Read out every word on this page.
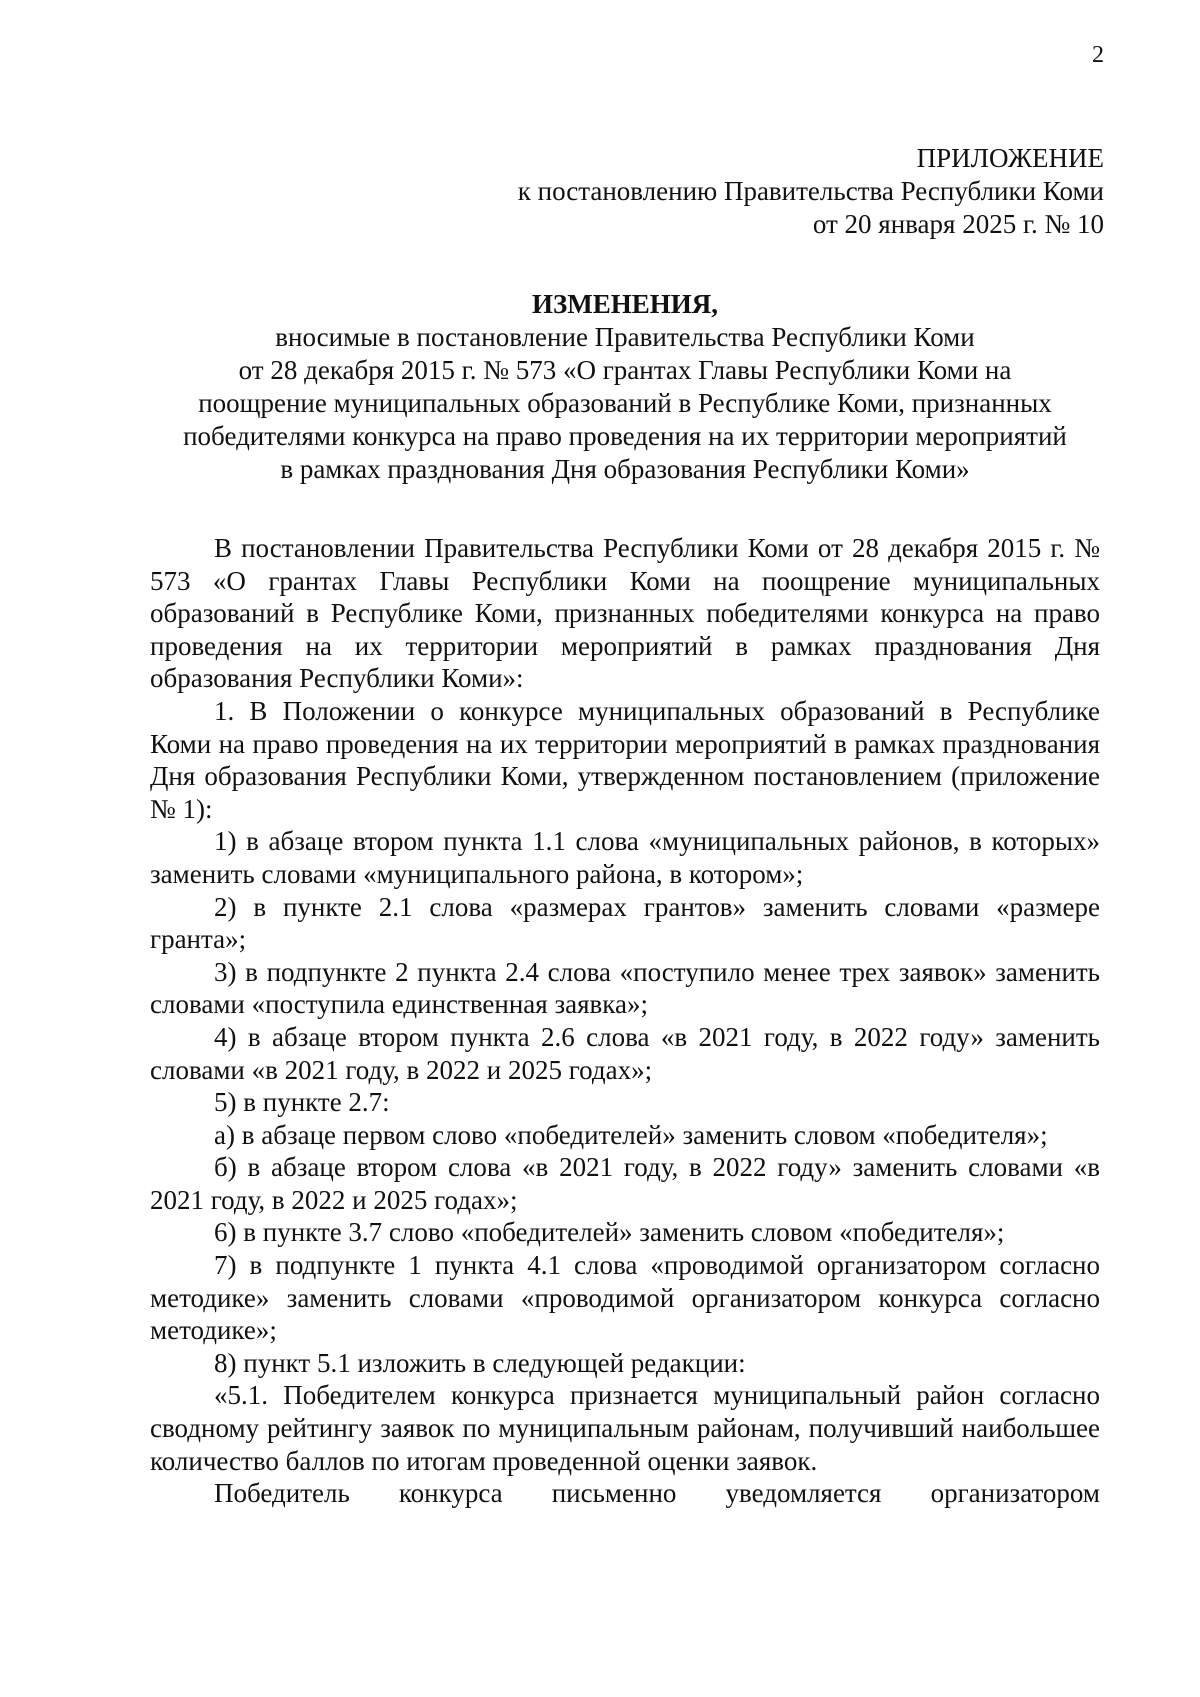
2
ПРИЛОЖЕНИЕ
к постановлению Правительства Республики Коми
от 20 января 2025 г. № 10
ИЗМЕНЕНИЯ,
вносимые в постановление Правительства Республики Коми
от 28 декабря 2015 г. № 573 «О грантах Главы Республики Коми на
поощрение муниципальных образований в Республике Коми, признанных
победителями конкурса на право проведения на их территории мероприятий
в рамках празднования Дня образования Республики Коми»

В постановлении Правительства Республики Коми от 28 декабря 2015 г. № 573 «О грантах Главы Республики Коми на поощрение муниципальных образований в Республике Коми, признанных победителями конкурса на право проведения на их территории мероприятий в рамках празднования Дня образования Республики Коми»:

1. В Положении о конкурсе муниципальных образований в Республике Коми на право проведения на их территории мероприятий в рамках празднования Дня образования Республики Коми, утвержденном постановлением (приложение № 1):

1) в абзаце втором пункта 1.1 слова «муниципальных районов, в которых» заменить словами «муниципального района, в котором»;

2) в пункте 2.1 слова «размерах грантов» заменить словами «размере гранта»;

3) в подпункте 2 пункта 2.4 слова «поступило менее трех заявок» заменить словами «поступила единственная заявка»;

4) в абзаце втором пункта 2.6 слова «в 2021 году, в 2022 году» заменить словами «в 2021 году, в 2022 и 2025 годах»;

5) в пункте 2.7:

а) в абзаце первом слово «победителей» заменить словом «победителя»;

б) в абзаце втором слова «в 2021 году, в 2022 году» заменить словами «в 2021 году, в 2022 и 2025 годах»;

6) в пункте 3.7 слово «победителей» заменить словом «победителя»;

7) в подпункте 1 пункта 4.1 слова «проводимой организатором согласно методике» заменить словами «проводимой организатором конкурса согласно методике»;

8) пункт 5.1 изложить в следующей редакции:

«5.1. Победителем конкурса признается муниципальный район согласно сводному рейтингу заявок по муниципальным районам, получивший наибольшее количество баллов по итогам проведенной оценки заявок.

Победитель конкурса письменно уведомляется организатором
